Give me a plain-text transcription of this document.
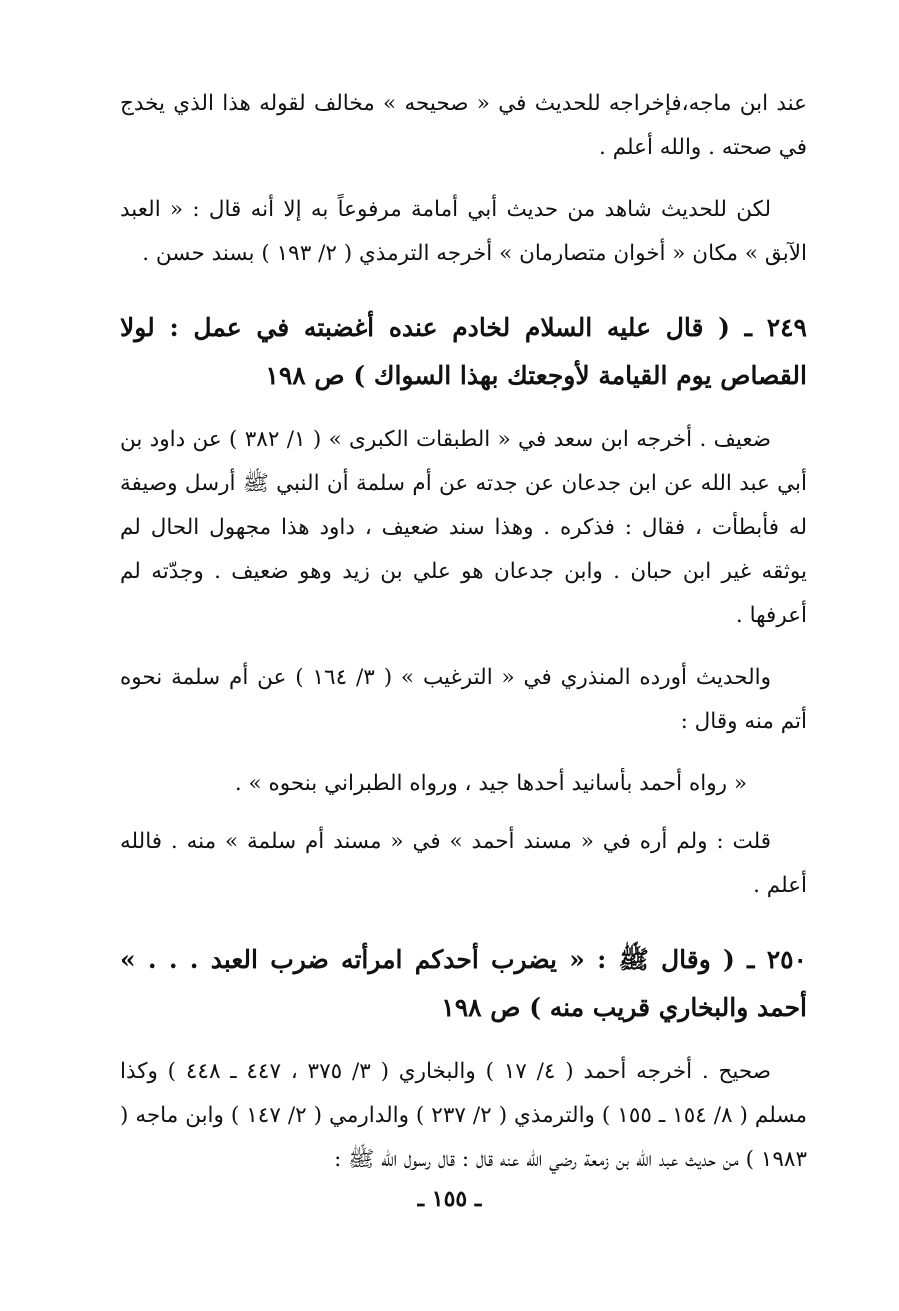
عند ابن ماجه،فإخراجه للحديث في « صحيحه » مخالف لقوله هذا الذي يخدج في صحته . والله أعلم .

لكن للحديث شاهد من حديث أبي أمامة مرفوعاً به إلا أنه قال : « العبد الآبق » مكان « أخوان متصارمان » أخرجه الترمذي ( ٢/ ١٩٣ ) بسند حسن .

٢٤٩ ـ ( قال عليه السلام لخادم عنده أغضبته في عمل : لولا القصاص يوم القيامة لأوجعتك بهذا السواك ) ص ١٩٨

ضعيف . أخرجه ابن سعد في « الطبقات الكبرى » ( ١/ ٣٨٢ ) عن داود بن أبي عبد الله عن ابن جدعان عن جدته عن أم سلمة أن النبي ﷺ أرسل وصيفة له فأبطأت ، فقال : فذكره . وهذا سند ضعيف ، داود هذا مجهول الحال لم يوثقه غير ابن حبان . وابن جدعان هو علي بن زيد وهو ضعيف . وجدّته لم أعرفها .

والحديث أورده المنذري في « الترغيب » ( ٣/ ١٦٤ ) عن أم سلمة نحوه أتم منه وقال :

« رواه أحمد بأسانيد أحدها جيد ، ورواه الطبراني بنحوه » .

قلت : ولم أره في « مسند أحمد » في « مسند أم سلمة » منه . فالله أعلم .

٢٥٠ ـ ( وقال ﷺ : « يضرب أحدكم امرأته ضرب العبد . . . » أحمد والبخاري قريب منه ) ص ١٩٨

صحيح . أخرجه أحمد ( ٤/ ١٧ ) والبخاري ( ٣/ ٣٧٥ ، ٤٤٧ ـ ٤٤٨ ) وكذا مسلم ( ٨/ ١٥٤ ـ ١٥٥ ) والترمذي ( ٢/ ٢٣٧ ) والدارمي ( ٢/ ١٤٧ ) وابن ماجه ( ١٩٨٣ ) من حديث عبد الله بن زمعة رضي الله عنه قال : قال رسول الله ﷺ :

ـ ١٥٥ ـ
